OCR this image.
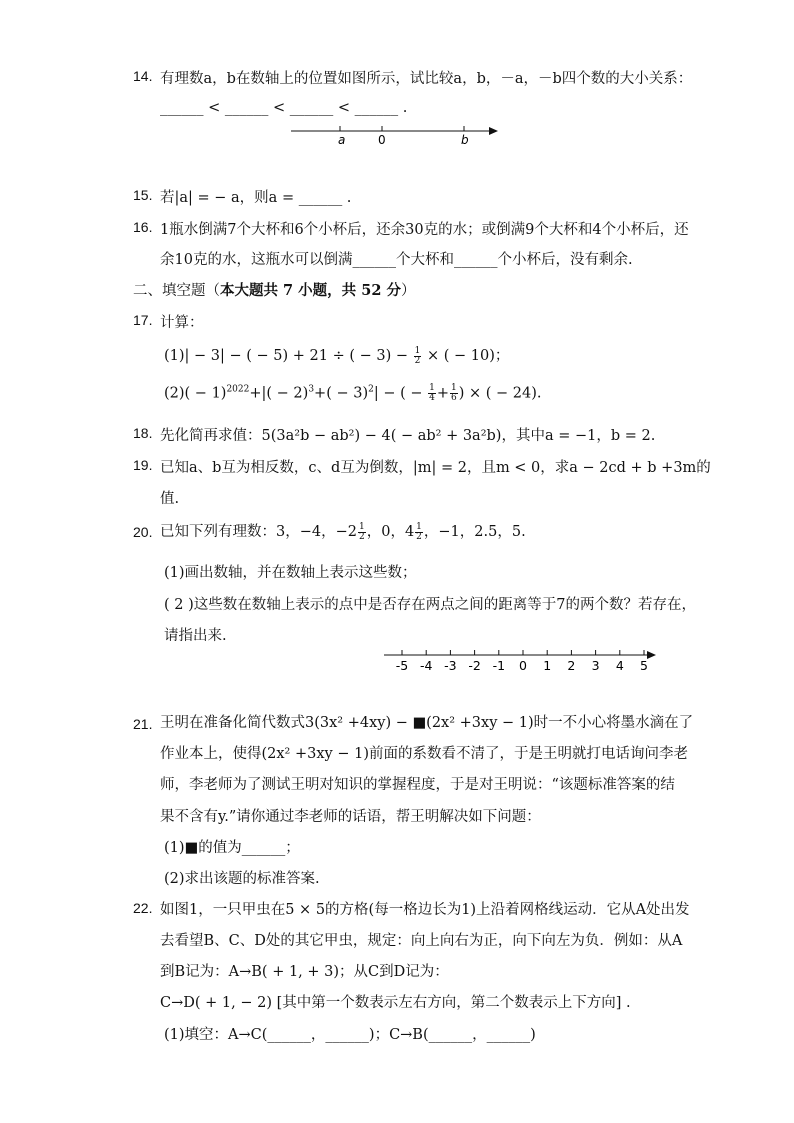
14. 有理数a，b在数轴上的位置如图所示，试比较a，b，－a，－b四个数的大小关系：
______ < ______ < ______ < ______ .
a	0	b
15. 若|a| = − a，则a = ______ .
16. 1瓶水倒满7个大杯和6个小杯后，还余30克的水；或倒满9个大杯和4个小杯后，还
余10克的水，这瓶水可以倒满______个大杯和______个小杯后，没有剩余.
二、填空题（本大题共 7 小题，共 52 分）
17. 计算：
(1)| − 3| − ( − 5) + 21 ÷ ( − $3) - \frac{1}{2}$ × ( − 10)；
$(2)( - 1)^{2022}+|( - 2)^3+( - 3)^2|$ − ( − $\frac{1}{4} + \frac{1}{6}$ ) × ( − 24).
18. 先化简再求值：5(3a²b − ab²) − 4( − ab² + 3a²b)，其中a = −1，b = 2.
19. 已知a、b互为相反数，c、d互为倒数，|m| = 2，且m < 0，求a − 2cd + b +3m的
值.
20. 已知下列有理数：3，−4，$-2 \frac{1}{2}$ ，0，$4 \frac{1}{2}$ ，−1，2.5，5.
(1)画出数轴，并在数轴上表示这些数；
( 2 )这些数在数轴上表示的点中是否存在两点之间的距离等于7的两个数？若存在，
请指出来.
-5 -4 -3 -2 -1 0 1 2 3 4 5
21. 王明在准备化简代数式3(3x² +4xy) − ■(2x² +3xy − 1)时一不小心将墨水滴在了
作业本上，使得(2x² +3xy − 1)前面的系数看不清了，于是王明就打电话询问李老
师，李老师为了测试王明对知识的掌握程度，于是对王明说：“该题标准答案的结
果不含有y.”请你通过李老师的话语，帮王明解决如下问题：
(1)■的值为______；
(2)求出该题的标准答案.
22. 如图1，一只甲虫在5 × 5的方格(每一格边长为1)上沿着网格线运动．它从A处出发
去看望B、C、D处的其它甲虫，规定：向上向右为正，向下向左为负．例如：从A
到B记为：A→B( + 1, + 3)；从C到D记为：
C→D( + 1, − 2) [其中第一个数表示左右方向，第二个数表示上下方向] .
(1)填空：A→C(______，______)；C→B(______，______)
